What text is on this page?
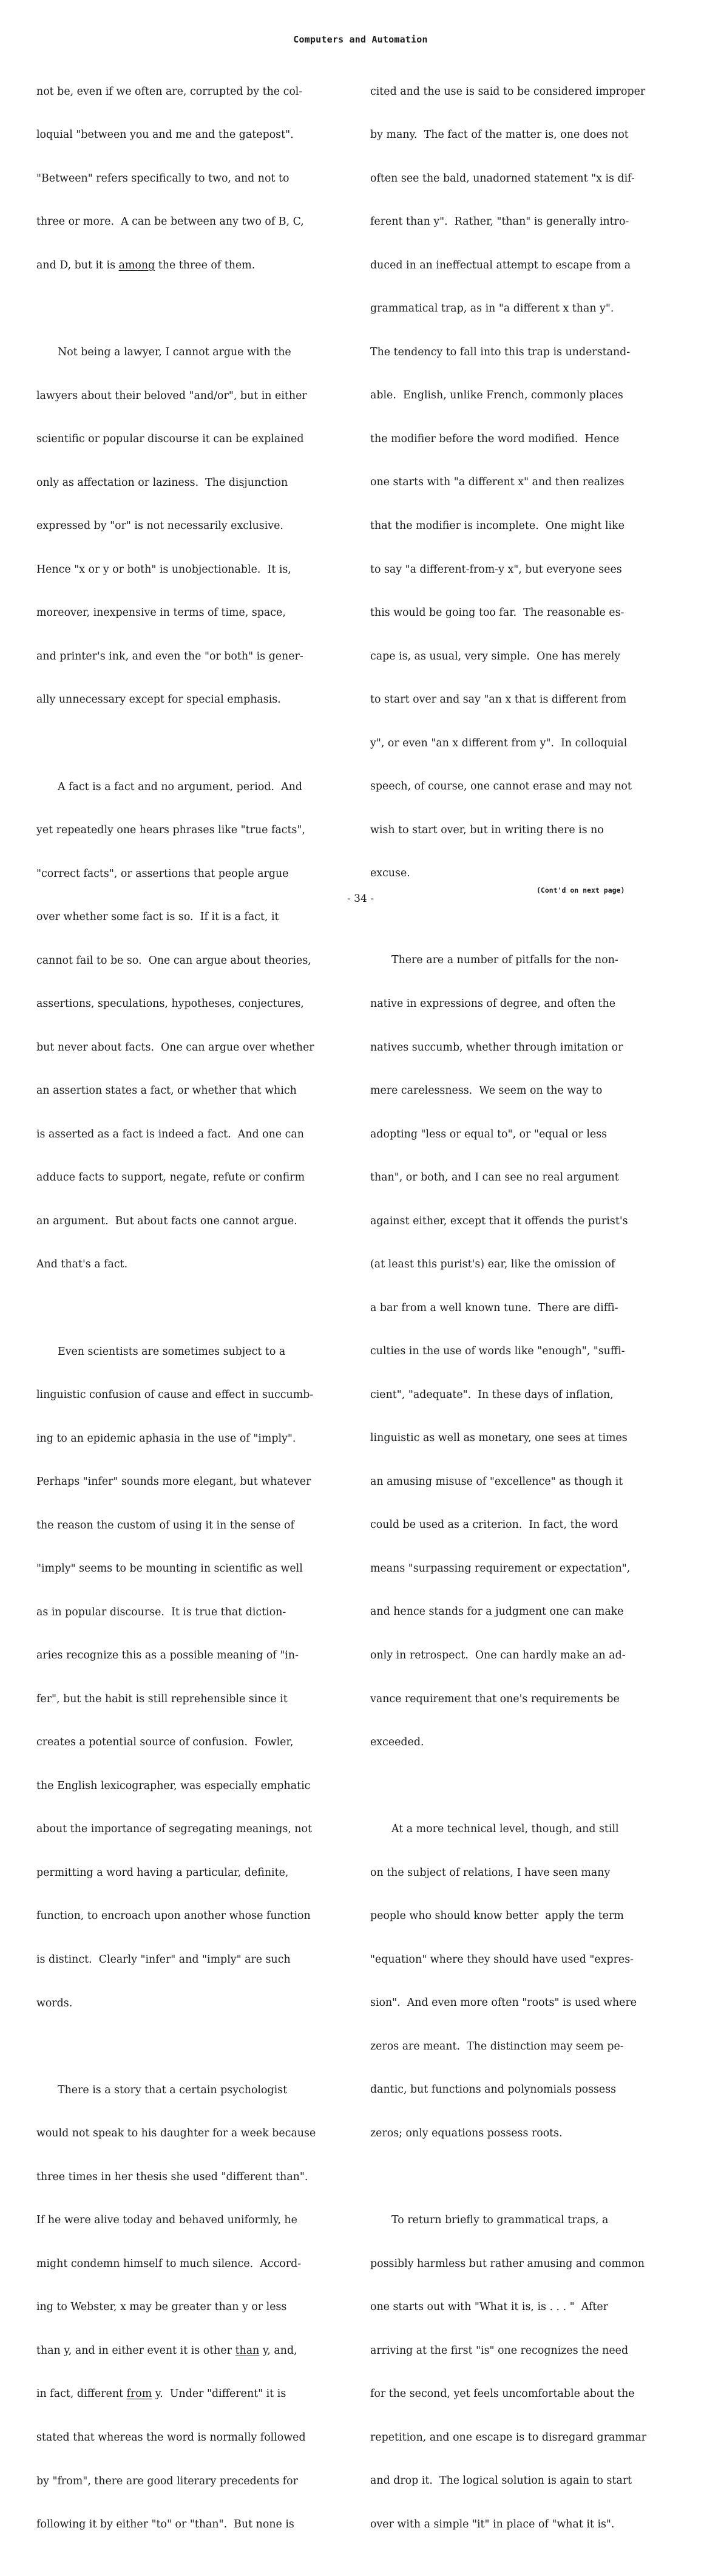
Computers and Automation

not be, even if we often are, corrupted by the col-

loquial "between you and me and the gatepost".

"Between" refers specifically to two, and not to

three or more.  A can be between any two of B, C,

and D, but it is among the three of them.

Not being a lawyer, I cannot argue with the

lawyers about their beloved "and/or", but in either

scientific or popular discourse it can be explained

only as affectation or laziness.  The disjunction

expressed by "or" is not necessarily exclusive.

Hence "x or y or both" is unobjectionable.  It is,

moreover, inexpensive in terms of time, space,

and printer's ink, and even the "or both" is gener-

ally unnecessary except for special emphasis.

A fact is a fact and no argument, period.  And

yet repeatedly one hears phrases like "true facts",

"correct facts", or assertions that people argue

over whether some fact is so.  If it is a fact, it

cannot fail to be so.  One can argue about theories,

assertions, speculations, hypotheses, conjectures,

but never about facts.  One can argue over whether

an assertion states a fact, or whether that which

is asserted as a fact is indeed a fact.  And one can

adduce facts to support, negate, refute or confirm

an argument.  But about facts one cannot argue.

And that's a fact.

Even scientists are sometimes subject to a

linguistic confusion of cause and effect in succumb-

ing to an epidemic aphasia in the use of "imply".

Perhaps "infer" sounds more elegant, but whatever

the reason the custom of using it in the sense of

"imply" seems to be mounting in scientific as well

as in popular discourse.  It is true that diction-

aries recognize this as a possible meaning of "in-

fer", but the habit is still reprehensible since it

creates a potential source of confusion.  Fowler,

the English lexicographer, was especially emphatic

about the importance of segregating meanings, not

permitting a word having a particular, definite,

function, to encroach upon another whose function

is distinct.  Clearly "infer" and "imply" are such

words.

There is a story that a certain psychologist

would not speak to his daughter for a week because

three times in her thesis she used "different than".

If he were alive today and behaved uniformly, he

might condemn himself to much silence.  Accord-

ing to Webster, x may be greater than y or less

than y, and in either event it is other than y, and,

in fact, different from y.  Under "different" it is

stated that whereas the word is normally followed

by "from", there are good literary precedents for

following it by either "to" or "than".  But none is

cited and the use is said to be considered improper

by many.  The fact of the matter is, one does not

often see the bald, unadorned statement "x is dif-

ferent than y".  Rather, "than" is generally intro-

duced in an ineffectual attempt to escape from a

grammatical trap, as in "a different x than y".

The tendency to fall into this trap is understand-

able.  English, unlike French, commonly places

the modifier before the word modified.  Hence

one starts with "a different x" and then realizes

that the modifier is incomplete.  One might like

to say "a different-from-y x", but everyone sees

this would be going too far.  The reasonable es-

cape is, as usual, very simple.  One has merely

to start over and say "an x that is different from

y", or even "an x different from y".  In colloquial

speech, of course, one cannot erase and may not

wish to start over, but in writing there is no

excuse.

There are a number of pitfalls for the non-

native in expressions of degree, and often the

natives succumb, whether through imitation or

mere carelessness.  We seem on the way to

adopting "less or equal to", or "equal or less

than", or both, and I can see no real argument

against either, except that it offends the purist's

(at least this purist's) ear, like the omission of

a bar from a well known tune.  There are diffi-

culties in the use of words like "enough", "suffi-

cient", "adequate".  In these days of inflation,

linguistic as well as monetary, one sees at times

an amusing misuse of "excellence" as though it

could be used as a criterion.  In fact, the word

means "surpassing requirement or expectation",

and hence stands for a judgment one can make

only in retrospect.  One can hardly make an ad-

vance requirement that one's requirements be

exceeded.

At a more technical level, though, and still

on the subject of relations, I have seen many

people who should know better  apply the term

"equation" where they should have used "expres-

sion".  And even more often "roots" is used where

zeros are meant.  The distinction may seem pe-

dantic, but functions and polynomials possess

zeros; only equations possess roots.

To return briefly to grammatical traps, a

possibly harmless but rather amusing and common

one starts out with "What it is, is . . . "  After

arriving at the first "is" one recognizes the need

for the second, yet feels uncomfortable about the

repetition, and one escape is to disregard grammar

and drop it.  The logical solution is again to start

over with a simple "it" in place of "what it is".

(Cont'd on next page)
- 34 -
